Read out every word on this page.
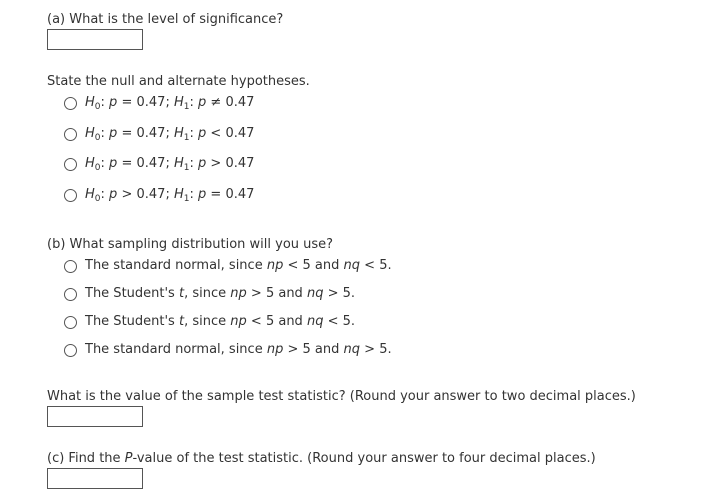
(a) What is the level of significance?
State the null and alternate hypotheses.
$H_0$: p = 0.47; $H_1$: p ≠ 0.47
$H_0$: p = 0.47; $H_1$: p < 0.47
$H_0$: p = 0.47; $H_1$: p > 0.47
$H_0$: p > 0.47; $H_1$: p = 0.47
(b) What sampling distribution will you use?
The standard normal, since np < 5 and nq < 5.
The Student's t, since np > 5 and nq > 5.
The Student's t, since np < 5 and nq < 5.
The standard normal, since np > 5 and nq > 5.
What is the value of the sample test statistic? (Round your answer to two decimal places.)
(c) Find the P-value of the test statistic. (Round your answer to four decimal places.)
